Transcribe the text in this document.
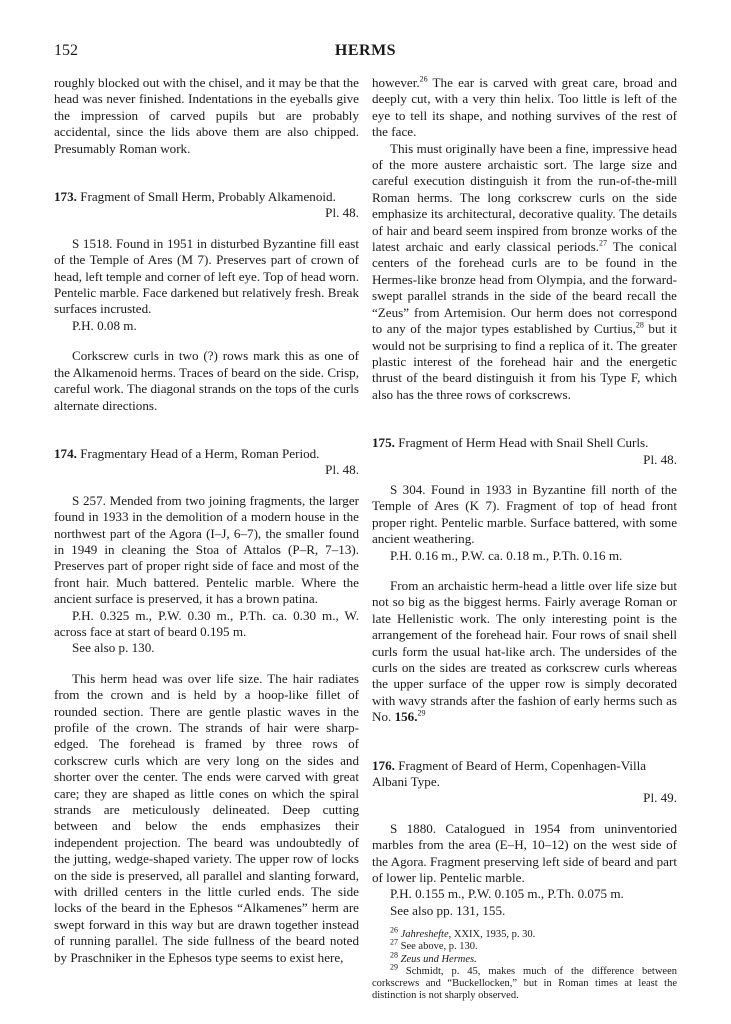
152	HERMS

roughly blocked out with the chisel, and it may be that the head was never finished. Indentations in the eyeballs give the impression of carved pupils but are probably accidental, since the lids above them are also chipped. Presumably Roman work.

173. Fragment of Small Herm, Probably Alkamenoid.
Pl. 48.

S 1518. Found in 1951 in disturbed Byzantine fill east of the Temple of Ares (M 7). Preserves part of crown of head, left temple and corner of left eye. Top of head worn. Pentelic marble. Face darkened but relatively fresh. Break surfaces incrusted.

P.H. 0.08 m.

Corkscrew curls in two (?) rows mark this as one of the Alkamenoid herms. Traces of beard on the side. Crisp, careful work. The diagonal strands on the tops of the curls alternate directions.

174. Fragmentary Head of a Herm, Roman Period.
Pl. 48.

S 257. Mended from two joining fragments, the larger found in 1933 in the demolition of a modern house in the northwest part of the Agora (I–J, 6–7), the smaller found in 1949 in cleaning the Stoa of Attalos (P–R, 7–13). Preserves part of proper right side of face and most of the front hair. Much battered. Pentelic marble. Where the ancient surface is preserved, it has a brown patina.

P.H. 0.325 m., P.W. 0.30 m., P.Th. ca. 0.30 m., W. across face at start of beard 0.195 m.

See also p. 130.

This herm head was over life size. The hair radiates from the crown and is held by a hoop-like fillet of rounded section. There are gentle plastic waves in the profile of the crown. The strands of hair were sharp-edged. The forehead is framed by three rows of corkscrew curls which are very long on the sides and shorter over the center. The ends were carved with great care; they are shaped as little cones on which the spiral strands are meticulously delineated. Deep cutting between and below the ends emphasizes their independent projection. The beard was undoubtedly of the jutting, wedge-shaped variety. The upper row of locks on the side is preserved, all parallel and slanting forward, with drilled centers in the little curled ends. The side locks of the beard in the Ephesos “Alkamenes” herm are swept forward in this way but are drawn together instead of running parallel. The side fullness of the beard noted by Praschniker in the Ephesos type seems to exist here,

however.$^{26}$ The ear is carved with great care, broad and deeply cut, with a very thin helix. Too little is left of the eye to tell its shape, and nothing survives of the rest of the face.

This must originally have been a fine, impressive head of the more austere archaistic sort. The large size and careful execution distinguish it from the run-of-the-mill Roman herms. The long corkscrew curls on the side emphasize its architectural, decorative quality. The details of hair and beard seem inspired from bronze works of the latest archaic and early classical periods.$^{27}$ The conical centers of the forehead curls are to be found in the Hermes-like bronze head from Olympia, and the forward-swept parallel strands in the side of the beard recall the “Zeus” from Artemision. Our herm does not correspond to any of the major types established by Curtius,$^{28}$ but it would not be surprising to find a replica of it. The greater plastic interest of the forehead hair and the energetic thrust of the beard distinguish it from his Type F, which also has the three rows of corkscrews.

175. Fragment of Herm Head with Snail Shell Curls.
Pl. 48.

S 304. Found in 1933 in Byzantine fill north of the Temple of Ares (K 7). Fragment of top of head front proper right. Pentelic marble. Surface battered, with some ancient weathering.

P.H. 0.16 m., P.W. ca. 0.18 m., P.Th. 0.16 m.

From an archaistic herm-head a little over life size but not so big as the biggest herms. Fairly average Roman or late Hellenistic work. The only interesting point is the arrangement of the forehead hair. Four rows of snail shell curls form the usual hat-like arch. The undersides of the curls on the sides are treated as corkscrew curls whereas the upper surface of the upper row is simply decorated with wavy strands after the fashion of early herms such as No. 156.29

176. Fragment of Beard of Herm, Copenhagen-Villa Albani Type.
Pl. 49.

S 1880. Catalogued in 1954 from uninventoried marbles from the area (E–H, 10–12) on the west side of the Agora. Fragment preserving left side of beard and part of lower lip. Pentelic marble.

P.H. 0.155 m., P.W. 0.105 m., P.Th. 0.075 m.

See also pp. 131, 155.

$^{26}$ Jahreshefte, XXIX, 1935, p. 30.

$^{27}$ See above, p. 130.

$^{28}$ Zeus und Hermes.

$^{29}$ Schmidt, p. 45, makes much of the difference between corkscrews and “Buckellocken,” but in Roman times at least the distinction is not sharply observed.
